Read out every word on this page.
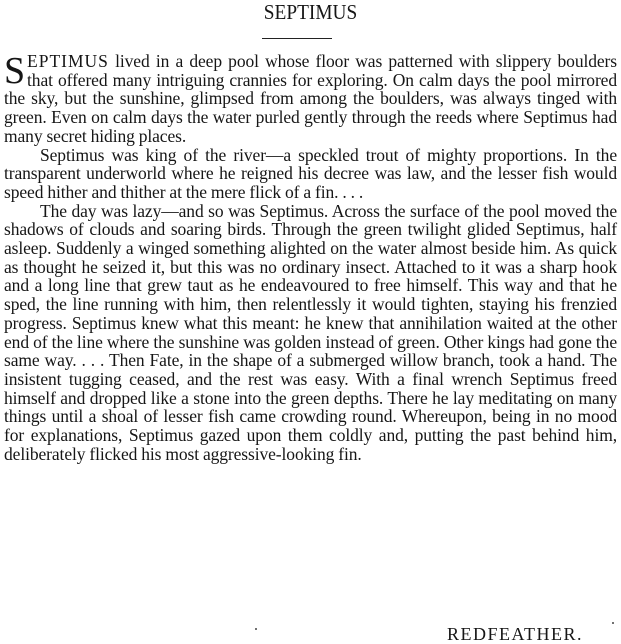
SEPTIMUS

SEPTIMUS lived in a deep pool whose floor was patterned with slippery boulders that offered many intriguing crannies for exploring. On calm days the pool mirrored the sky, but the sunshine, glimpsed from among the boulders, was always tinged with green. Even on calm days the water purled gently through the reeds where Septimus had many secret hiding places.

Septimus was king of the river—a speckled trout of mighty proportions. In the transparent underworld where he reigned his decree was law, and the lesser fish would speed hither and thither at the mere flick of a fin. . . .

The day was lazy—and so was Septimus. Across the surface of the pool moved the shadows of clouds and soaring birds. Through the green twilight glided Septimus, half asleep. Suddenly a winged something alighted on the water almost beside him. As quick as thought he seized it, but this was no ordinary insect. Attached to it was a sharp hook and a long line that grew taut as he endeavoured to free himself. This way and that he sped, the line running with him, then relentlessly it would tighten, staying his frenzied progress. Septimus knew what this meant: he knew that annihilation waited at the other end of the line where the sunshine was golden instead of green. Other kings had gone the same way. . . . Then Fate, in the shape of a submerged willow branch, took a hand. The insistent tugging ceased, and the rest was easy. With a final wrench Septimus freed himself and dropped like a stone into the green depths. There he lay meditating on many things until a shoal of lesser fish came crowding round. Whereupon, being in no mood for explanations, Septimus gazed upon them coldly and, putting the past behind him, deliberately flicked his most aggressive-looking fin.

REDFEATHER.
